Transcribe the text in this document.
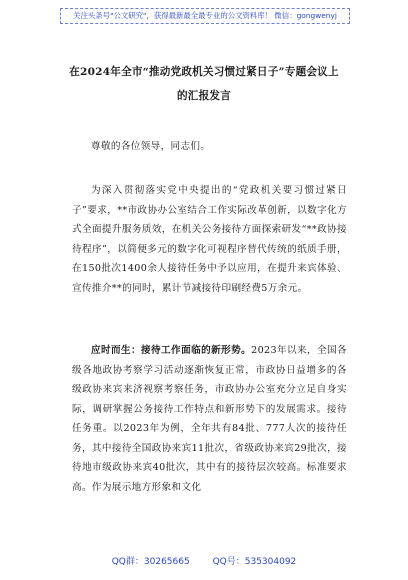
关注头条号"公文研究"，获得最新最全最专业的公文资料库！ 微信：gongwenyj
在2024年全市“推动党政机关习惯过紧日子”专题会议上
的汇报发言

尊敬的各位领导，同志们。

为深入贯彻落实党中央提出的“党政机关要习惯过紧日子”要求，**市政协办公室结合工作实际改革创新，以数字化方式全面提升服务质效，在机关公务接待方面探索研发“**政协接待程序”，以简便多元的数字化可视程序替代传统的纸质手册，在150批次1400余人接待任务中予以应用，在提升来宾体验、宣传推介**的同时，累计节减接待印刷经费5万余元。

应时而生：接待工作面临的新形势。2023年以来，全国各级各地政协考察学习活动逐渐恢复正常，市政协日益增多的各级政协来宾来济视察考察任务，市政协办公室充分立足自身实际，调研掌握公务接待工作特点和新形势下的发展需求。接待任务重。以2023年为例，全年共有84批、777人次的接待任务，其中接待全国政协来宾11批次，省级政协来宾29批次，接待地市级政协来宾40批次，其中有的接待层次较高。标准要求高。作为展示地方形象和文化

QQ群：30265665	QQ号：535304092
